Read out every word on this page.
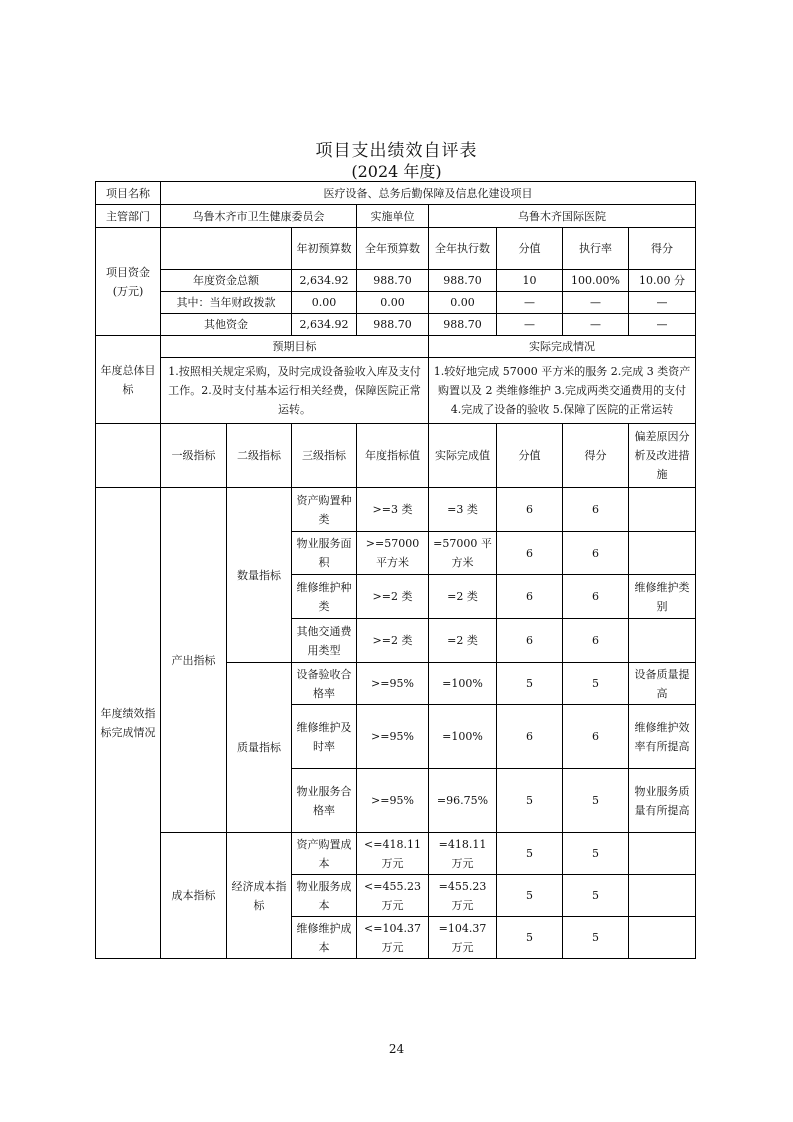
项目支出绩效自评表
(2024 年度)
项目名称	医疗设备、总务后勤保障及信息化建设项目							
主管部门	乌鲁木齐市卫生健康委员会			实施单位	乌鲁木齐国际医院			

项目资金
(万元)			年初预算数	全年预算数	全年执行数	分值	执行率	得分
	年度资金总额		2,634.92	988.70	988.70	10	100.00%	10.00 分
	其中：当年财政拨款		0.00	0.00	0.00	—	—	—
	其他资金		2,634.92	988.70	988.70	—	—	—
年度总体目标	预期目标				实际完成情况			
	1.按照相关规定采购，及时完成设备验收入库及支付工作。2.及时支付基本运行相关经费，保障医院正常运转。				1.较好地完成 57000 平方米的服务 2.完成 3 类资产购置以及 2 类维修维护 3.完成两类交通费用的支付 4.完成了设备的验收 5.保障了医院的正常运转			
	一级指标	二级指标	三级指标	年度指标值	实际完成值	分值	得分	偏差原因分析及改进措施
年度绩效指标完成情况	产出指标	数量指标	资产购置种类	>=3 类	=3 类	6	6	
			物业服务面积	>=57000 平方米	=57000 平方米	6	6	
			维修维护种类	>=2 类	=2 类	6	6	维修维护类别
			其他交通费用类型	>=2 类	=2 类	6	6	
		质量指标	设备验收合格率	>=95%	=100%	5	5	设备质量提高
			维修维护及时率	>=95%	=100%	6	6	维修维护效率有所提高
			物业服务合格率	>=95%	=96.75%	5	5	物业服务质量有所提高
	成本指标	经济成本指标	资产购置成本	<=418.11 万元	=418.11 万元	5	5	
			物业服务成本	<=455.23 万元	=455.23 万元	5	5	
			维修维护成本	<=104.37 万元	=104.37 万元	5	5	
24
